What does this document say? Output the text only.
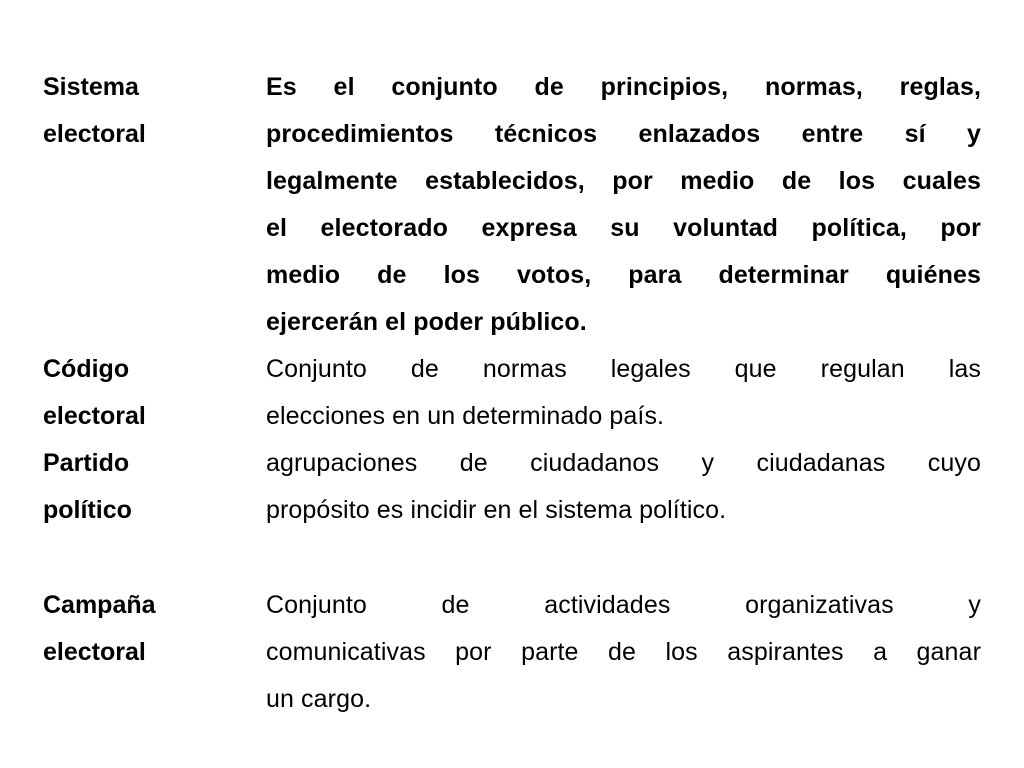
Sistema
electoral
Es el conjunto de principios, normas, reglas,
procedimientos técnicos enlazados entre sí y
legalmente establecidos, por medio de los cuales
el electorado expresa su voluntad política, por
medio de los votos, para determinar quiénes
ejercerán el poder público.
Código
electoral
Conjunto de normas legales que regulan las
elecciones en un determinado país.
Partido
político
agrupaciones de ciudadanos y ciudadanas cuyo
propósito es incidir en el sistema político.
Campaña
electoral
Conjunto de actividades organizativas y
comunicativas por parte de los aspirantes a ganar
un cargo.
